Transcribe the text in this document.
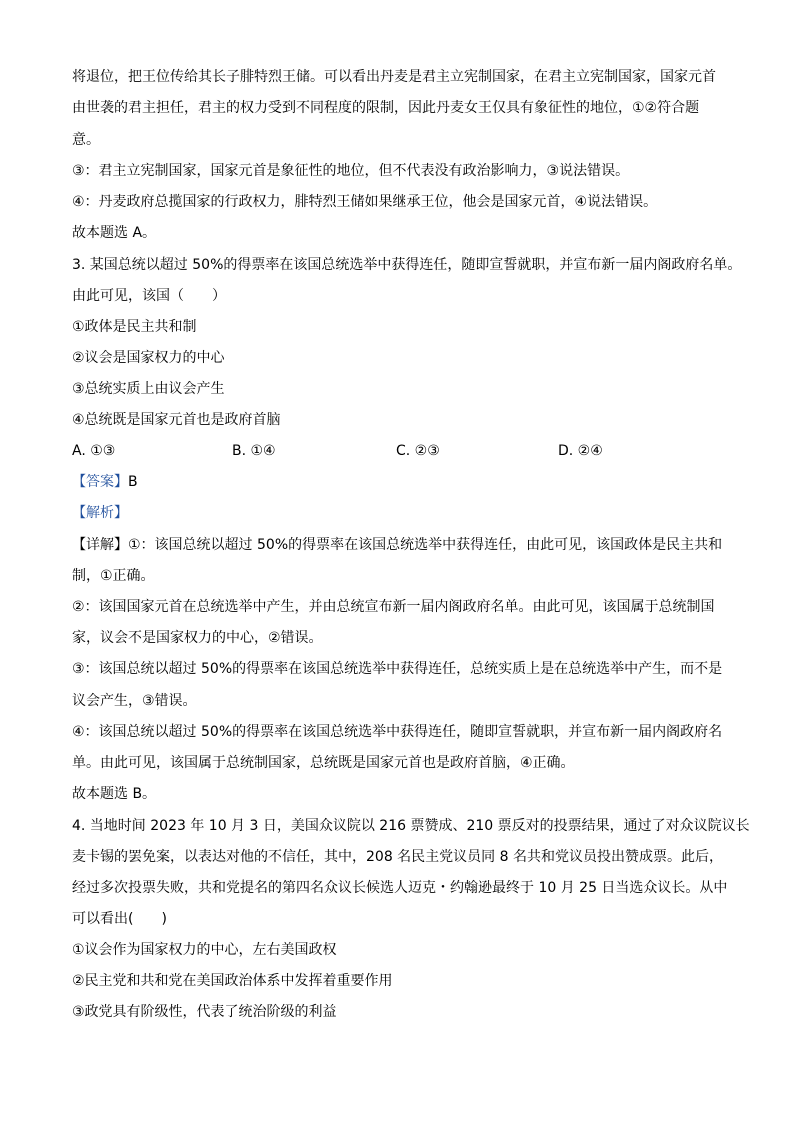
将退位，把王位传给其长子腓特烈王储。可以看出丹麦是君主立宪制国家，在君主立宪制国家，国家元首
由世袭的君主担任，君主的权力受到不同程度的限制，因此丹麦女王仅具有象征性的地位，①②符合题
意。
③：君主立宪制国家，国家元首是象征性的地位，但不代表没有政治影响力，③说法错误。
④：丹麦政府总揽国家的行政权力，腓特烈王储如果继承王位，他会是国家元首，④说法错误。
故本题选 A。
3. 某国总统以超过 50%的得票率在该国总统选举中获得连任，随即宣誓就职，并宣布新一届内阁政府名单。
由此可见，该国（　　）
①政体是民主共和制
②议会是国家权力的中心
③总统实质上由议会产生
④总统既是国家元首也是政府首脑
A. ①③	B. ①④	C. ②③	D. ②④
【答案】B
【解析】
【详解】①：该国总统以超过 50%的得票率在该国总统选举中获得连任，由此可见，该国政体是民主共和
制，①正确。
②：该国国家元首在总统选举中产生，并由总统宣布新一届内阁政府名单。由此可见，该国属于总统制国
家，议会不是国家权力的中心，②错误。
③：该国总统以超过 50%的得票率在该国总统选举中获得连任，总统实质上是在总统选举中产生，而不是
议会产生，③错误。
④：该国总统以超过 50%的得票率在该国总统选举中获得连任，随即宣誓就职，并宣布新一届内阁政府名
单。由此可见，该国属于总统制国家，总统既是国家元首也是政府首脑，④正确。
故本题选 B。
4. 当地时间 2023 年 10 月 3 日，美国众议院以 216 票赞成、210 票反对的投票结果，通过了对众议院议长
麦卡锡的罢免案，以表达对他的不信任，其中，208 名民主党议员同 8 名共和党议员投出赞成票。此后，
经过多次投票失败，共和党提名的第四名众议长候选人迈克・约翰逊最终于 10 月 25 日当选众议长。从中
可以看出(　　)
①议会作为国家权力的中心，左右美国政权
②民主党和共和党在美国政治体系中发挥着重要作用
③政党具有阶级性，代表了统治阶级的利益
